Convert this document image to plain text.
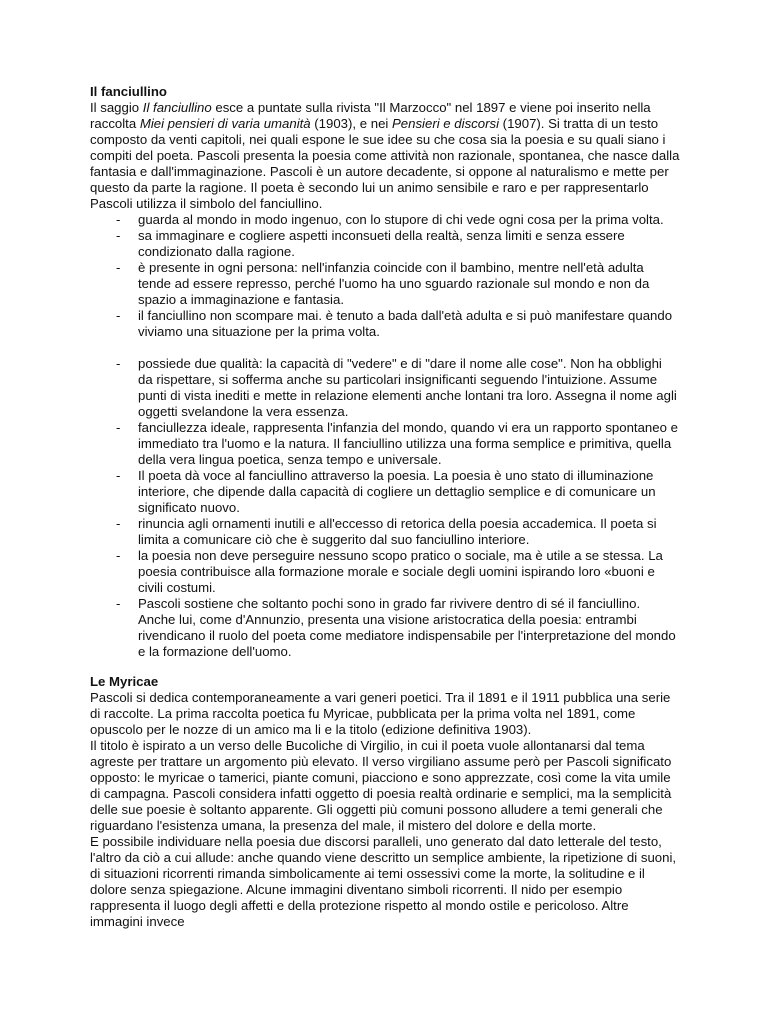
Il fanciullino

Il saggio Il fanciullino esce a puntate sulla rivista "Il Marzocco" nel 1897 e viene poi inserito nella raccolta Miei pensieri di varia umanità (1903), e nei Pensieri e discorsi (1907). Si tratta di un testo composto da venti capitoli, nei quali espone le sue idee su che cosa sia la poesia e su quali siano i compiti del poeta. Pascoli presenta la poesia come attività non razionale, spontanea, che nasce dalla fantasia e dall'immaginazione. Pascoli è un autore decadente, si oppone al naturalismo e mette per questo da parte la ragione. Il poeta è secondo lui un animo sensibile e raro e per rappresentarlo Pascoli utilizza il simbolo del fanciullino.

- guarda al mondo in modo ingenuo, con lo stupore di chi vede ogni cosa per la prima volta.
- sa immaginare e cogliere aspetti inconsueti della realtà, senza limiti e senza essere condizionato dalla ragione.
- è presente in ogni persona: nell'infanzia coincide con il bambino, mentre nell'età adulta tende ad essere represso, perché l'uomo ha uno sguardo razionale sul mondo e non da spazio a immaginazione e fantasia.
- il fanciullino non scompare mai. è tenuto a bada dall'età adulta e si può manifestare quando viviamo una situazione per la prima volta.
- possiede due qualità: la capacità di "vedere" e di "dare il nome alle cose". Non ha obblighi da rispettare, si sofferma anche su particolari insignificanti seguendo l'intuizione. Assume punti di vista inediti e mette in relazione elementi anche lontani tra loro. Assegna il nome agli oggetti svelandone la vera essenza.
- fanciullezza ideale, rappresenta l'infanzia del mondo, quando vi era un rapporto spontaneo e immediato tra l'uomo e la natura. Il fanciullino utilizza una forma semplice e primitiva, quella della vera lingua poetica, senza tempo e universale.
- Il poeta dà voce al fanciullino attraverso la poesia. La poesia è uno stato di illuminazione interiore, che dipende dalla capacità di cogliere un dettaglio semplice e di comunicare un significato nuovo.
- rinuncia agli ornamenti inutili e all'eccesso di retorica della poesia accademica. Il poeta si limita a comunicare ciò che è suggerito dal suo fanciullino interiore.
- la poesia non deve perseguire nessuno scopo pratico o sociale, ma è utile a se stessa. La poesia contribuisce alla formazione morale e sociale degli uomini ispirando loro «buoni e civili costumi.
- Pascoli sostiene che soltanto pochi sono in grado far rivivere dentro di sé il fanciullino. Anche lui, come d'Annunzio, presenta una visione aristocratica della poesia: entrambi rivendicano il ruolo del poeta come mediatore indispensabile per l'interpretazione del mondo e la formazione dell'uomo.
Le Myricae

Pascoli si dedica contemporaneamente a vari generi poetici. Tra il 1891 e il 1911 pubblica una serie di raccolte. La prima raccolta poetica fu Myricae, pubblicata per la prima volta nel 1891, come opuscolo per le nozze di un amico ma li e la titolo (edizione definitiva 1903).

Il titolo è ispirato a un verso delle Bucoliche di Virgilio, in cui il poeta vuole allontanarsi dal tema agreste per trattare un argomento più elevato. Il verso virgiliano assume però per Pascoli significato opposto: le myricae o tamerici, piante comuni, piacciono e sono apprezzate, così come la vita umile di campagna. Pascoli considera infatti oggetto di poesia realtà ordinarie e semplici, ma la semplicità delle sue poesie è soltanto apparente. Gli oggetti più comuni possono alludere a temi generali che riguardano l'esistenza umana, la presenza del male, il mistero del dolore e della morte.

E possibile individuare nella poesia due discorsi paralleli, uno generato dal dato letterale del testo, l'altro da ciò a cui allude: anche quando viene descritto un semplice ambiente, la ripetizione di suoni, di situazioni ricorrenti rimanda simbolicamente ai temi ossessivi come la morte, la solitudine e il dolore senza spiegazione. Alcune immagini diventano simboli ricorrenti. Il nido per esempio rappresenta il luogo degli affetti e della protezione rispetto al mondo ostile e pericoloso. Altre immagini invece
